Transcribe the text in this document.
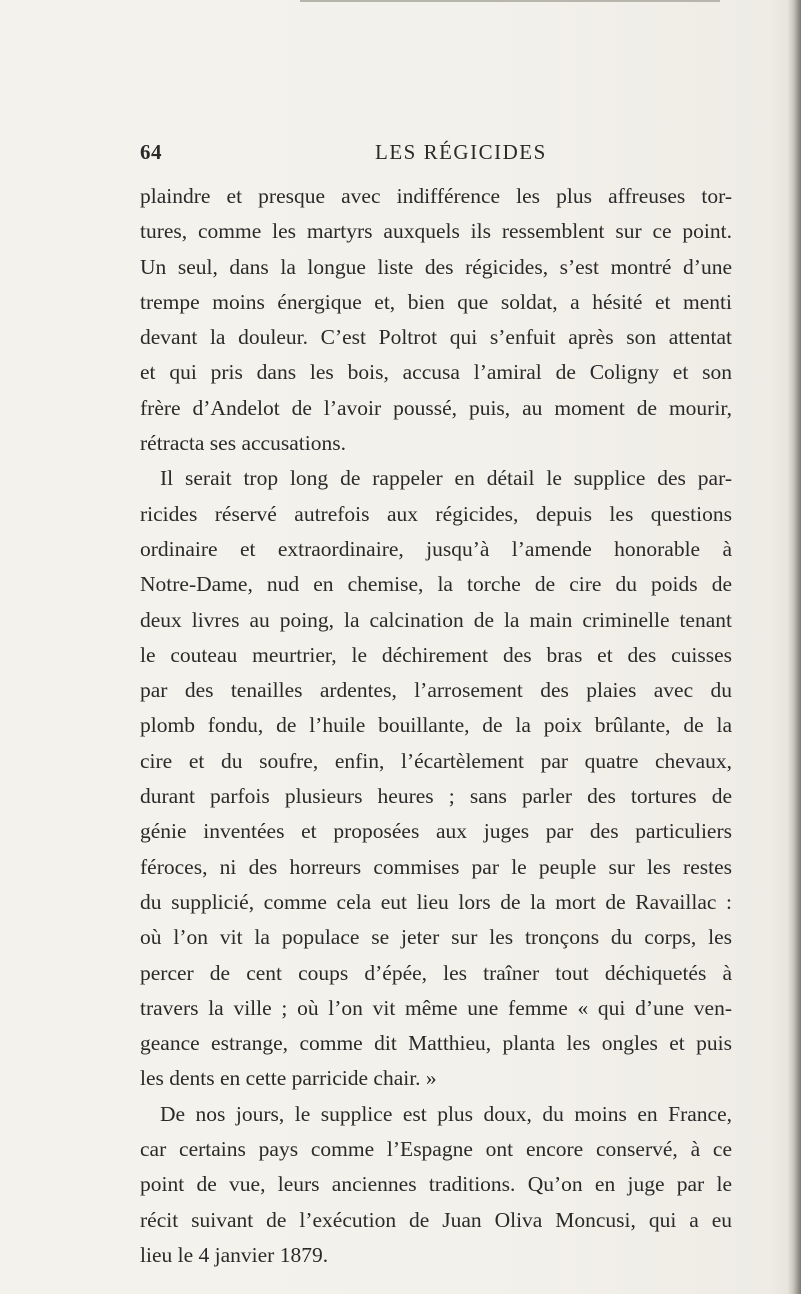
64	LES RÉGICIDES
plaindre et presque avec indifférence les plus affreuses tor-
tures, comme les martyrs auxquels ils ressemblent sur ce point.
Un seul, dans la longue liste des régicides, s’est montré d’une
trempe moins énergique et, bien que soldat, a hésité et menti
devant la douleur. C’est Poltrot qui s’enfuit après son attentat
et qui pris dans les bois, accusa l’amiral de Coligny et son
frère d’Andelot de l’avoir poussé, puis, au moment de mourir,
rétracta ses accusations.
Il serait trop long de rappeler en détail le supplice des par-
ricides réservé autrefois aux régicides, depuis les questions
ordinaire et extraordinaire, jusqu’à l’amende honorable à
Notre-Dame, nud en chemise, la torche de cire du poids de
deux livres au poing, la calcination de la main criminelle tenant
le couteau meurtrier, le déchirement des bras et des cuisses
par des tenailles ardentes, l’arrosement des plaies avec du
plomb fondu, de l’huile bouillante, de la poix brûlante, de la
cire et du soufre, enfin, l’écartèlement par quatre chevaux,
durant parfois plusieurs heures ; sans parler des tortures de
génie inventées et proposées aux juges par des particuliers
féroces, ni des horreurs commises par le peuple sur les restes
du supplicié, comme cela eut lieu lors de la mort de Ravaillac :
où l’on vit la populace se jeter sur les tronçons du corps, les
percer de cent coups d’épée, les traîner tout déchiquetés à
travers la ville ; où l’on vit même une femme « qui d’une ven-
geance estrange, comme dit Matthieu, planta les ongles et puis
les dents en cette parricide chair. »
De nos jours, le supplice est plus doux, du moins en France,
car certains pays comme l’Espagne ont encore conservé, à ce
point de vue, leurs anciennes traditions. Qu’on en juge par le
récit suivant de l’exécution de Juan Oliva Moncusi, qui a eu
lieu le 4 janvier 1879.
